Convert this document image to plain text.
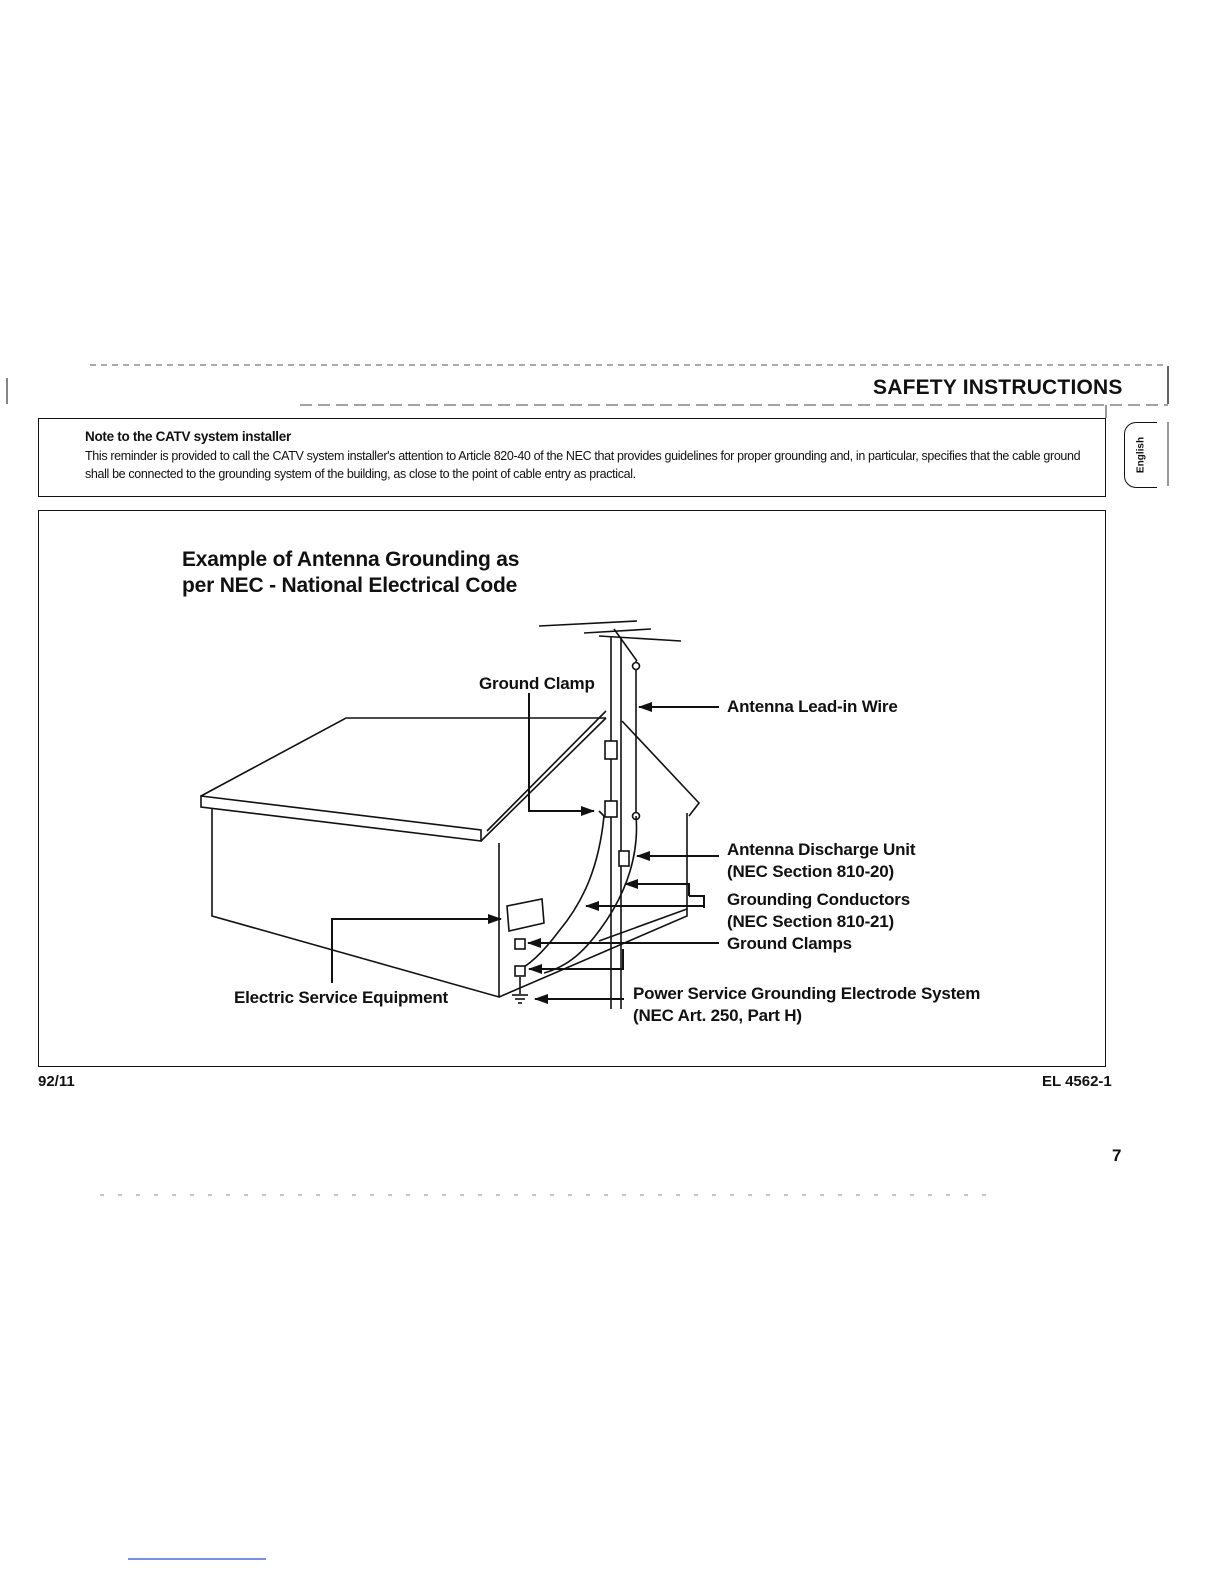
SAFETY INSTRUCTIONS
English
Note to the CATV system installer
This reminder is provided to call the CATV system installer's attention to Article 820-40 of the NEC that provides guidelines for proper grounding and, in particular, specifies that the cable ground shall be connected to the grounding system of the building, as close to the point of cable entry as practical.
Example of Antenna Grounding as
per NEC - National Electrical Code
Ground Clamp
Antenna Lead-in Wire
Antenna Discharge Unit
(NEC Section 810-20)
Grounding Conductors
(NEC Section 810-21)
Ground Clamps
Electric Service Equipment	Power Service Grounding Electrode System
(NEC Art. 250, Part H)
92/11	EL 4562-1
7
